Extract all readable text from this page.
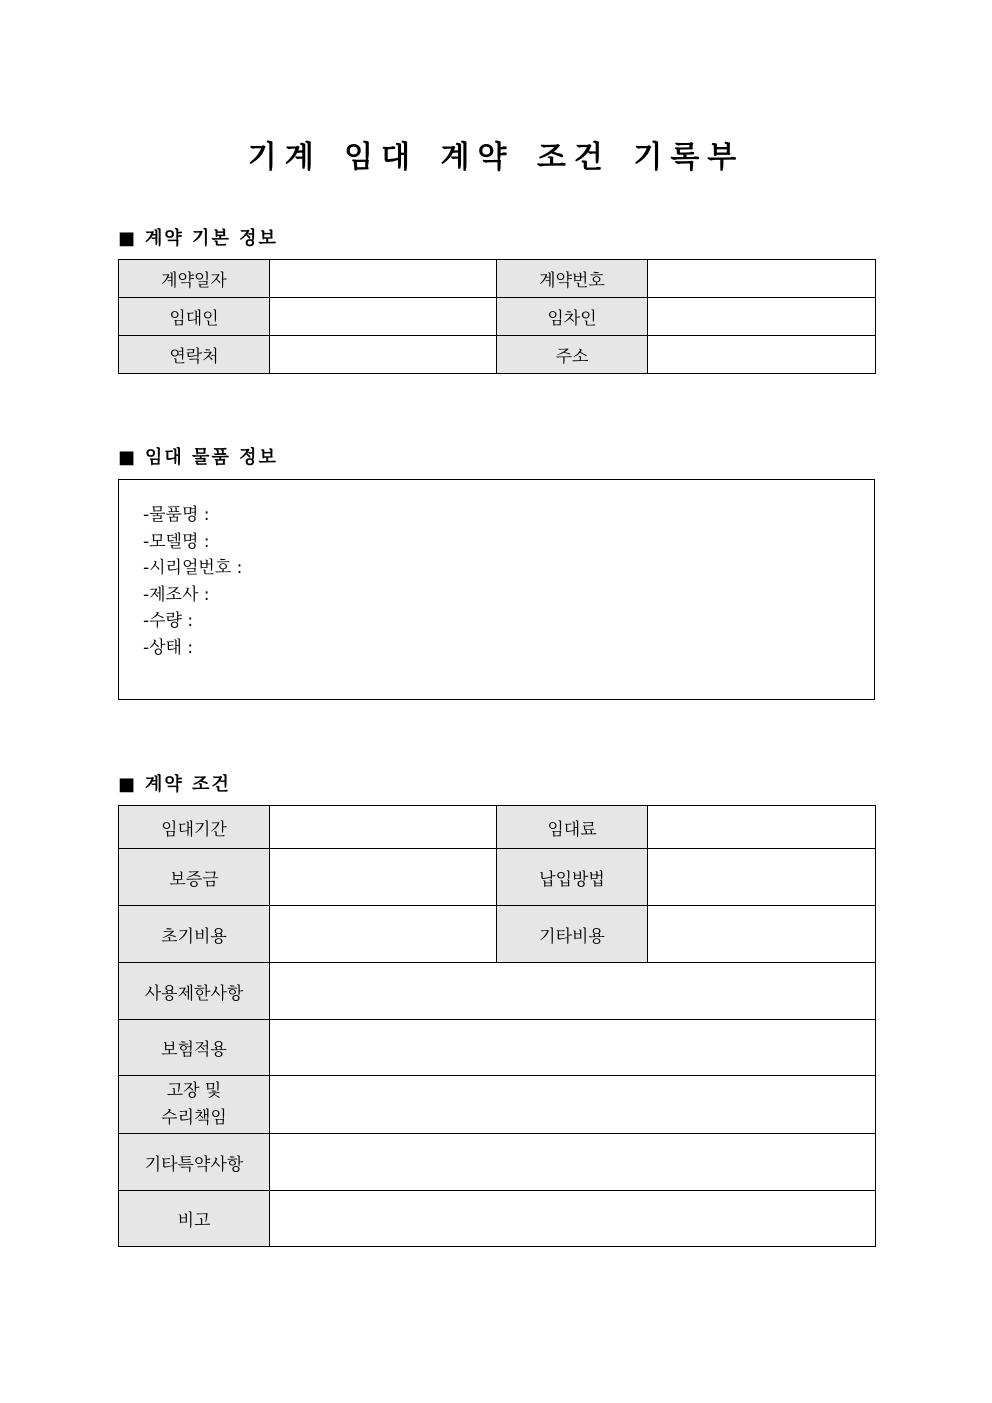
기계 임대 계약 조건 기록부
■ 계약 기본 정보
계약일자		계약번호	
임대인		임차인	
연락처		주소	
■ 임대 물품 정보
-물품명 :
-모델명 :
-시리얼번호 :
-제조사 :
-수량 :
-상태 :
■ 계약 조건
임대기간		임대료	
보증금		납입방법	
초기비용		기타비용	
사용제한사항			
보험적용			
고장 및
수리책임			
기타특약사항			
비고			
